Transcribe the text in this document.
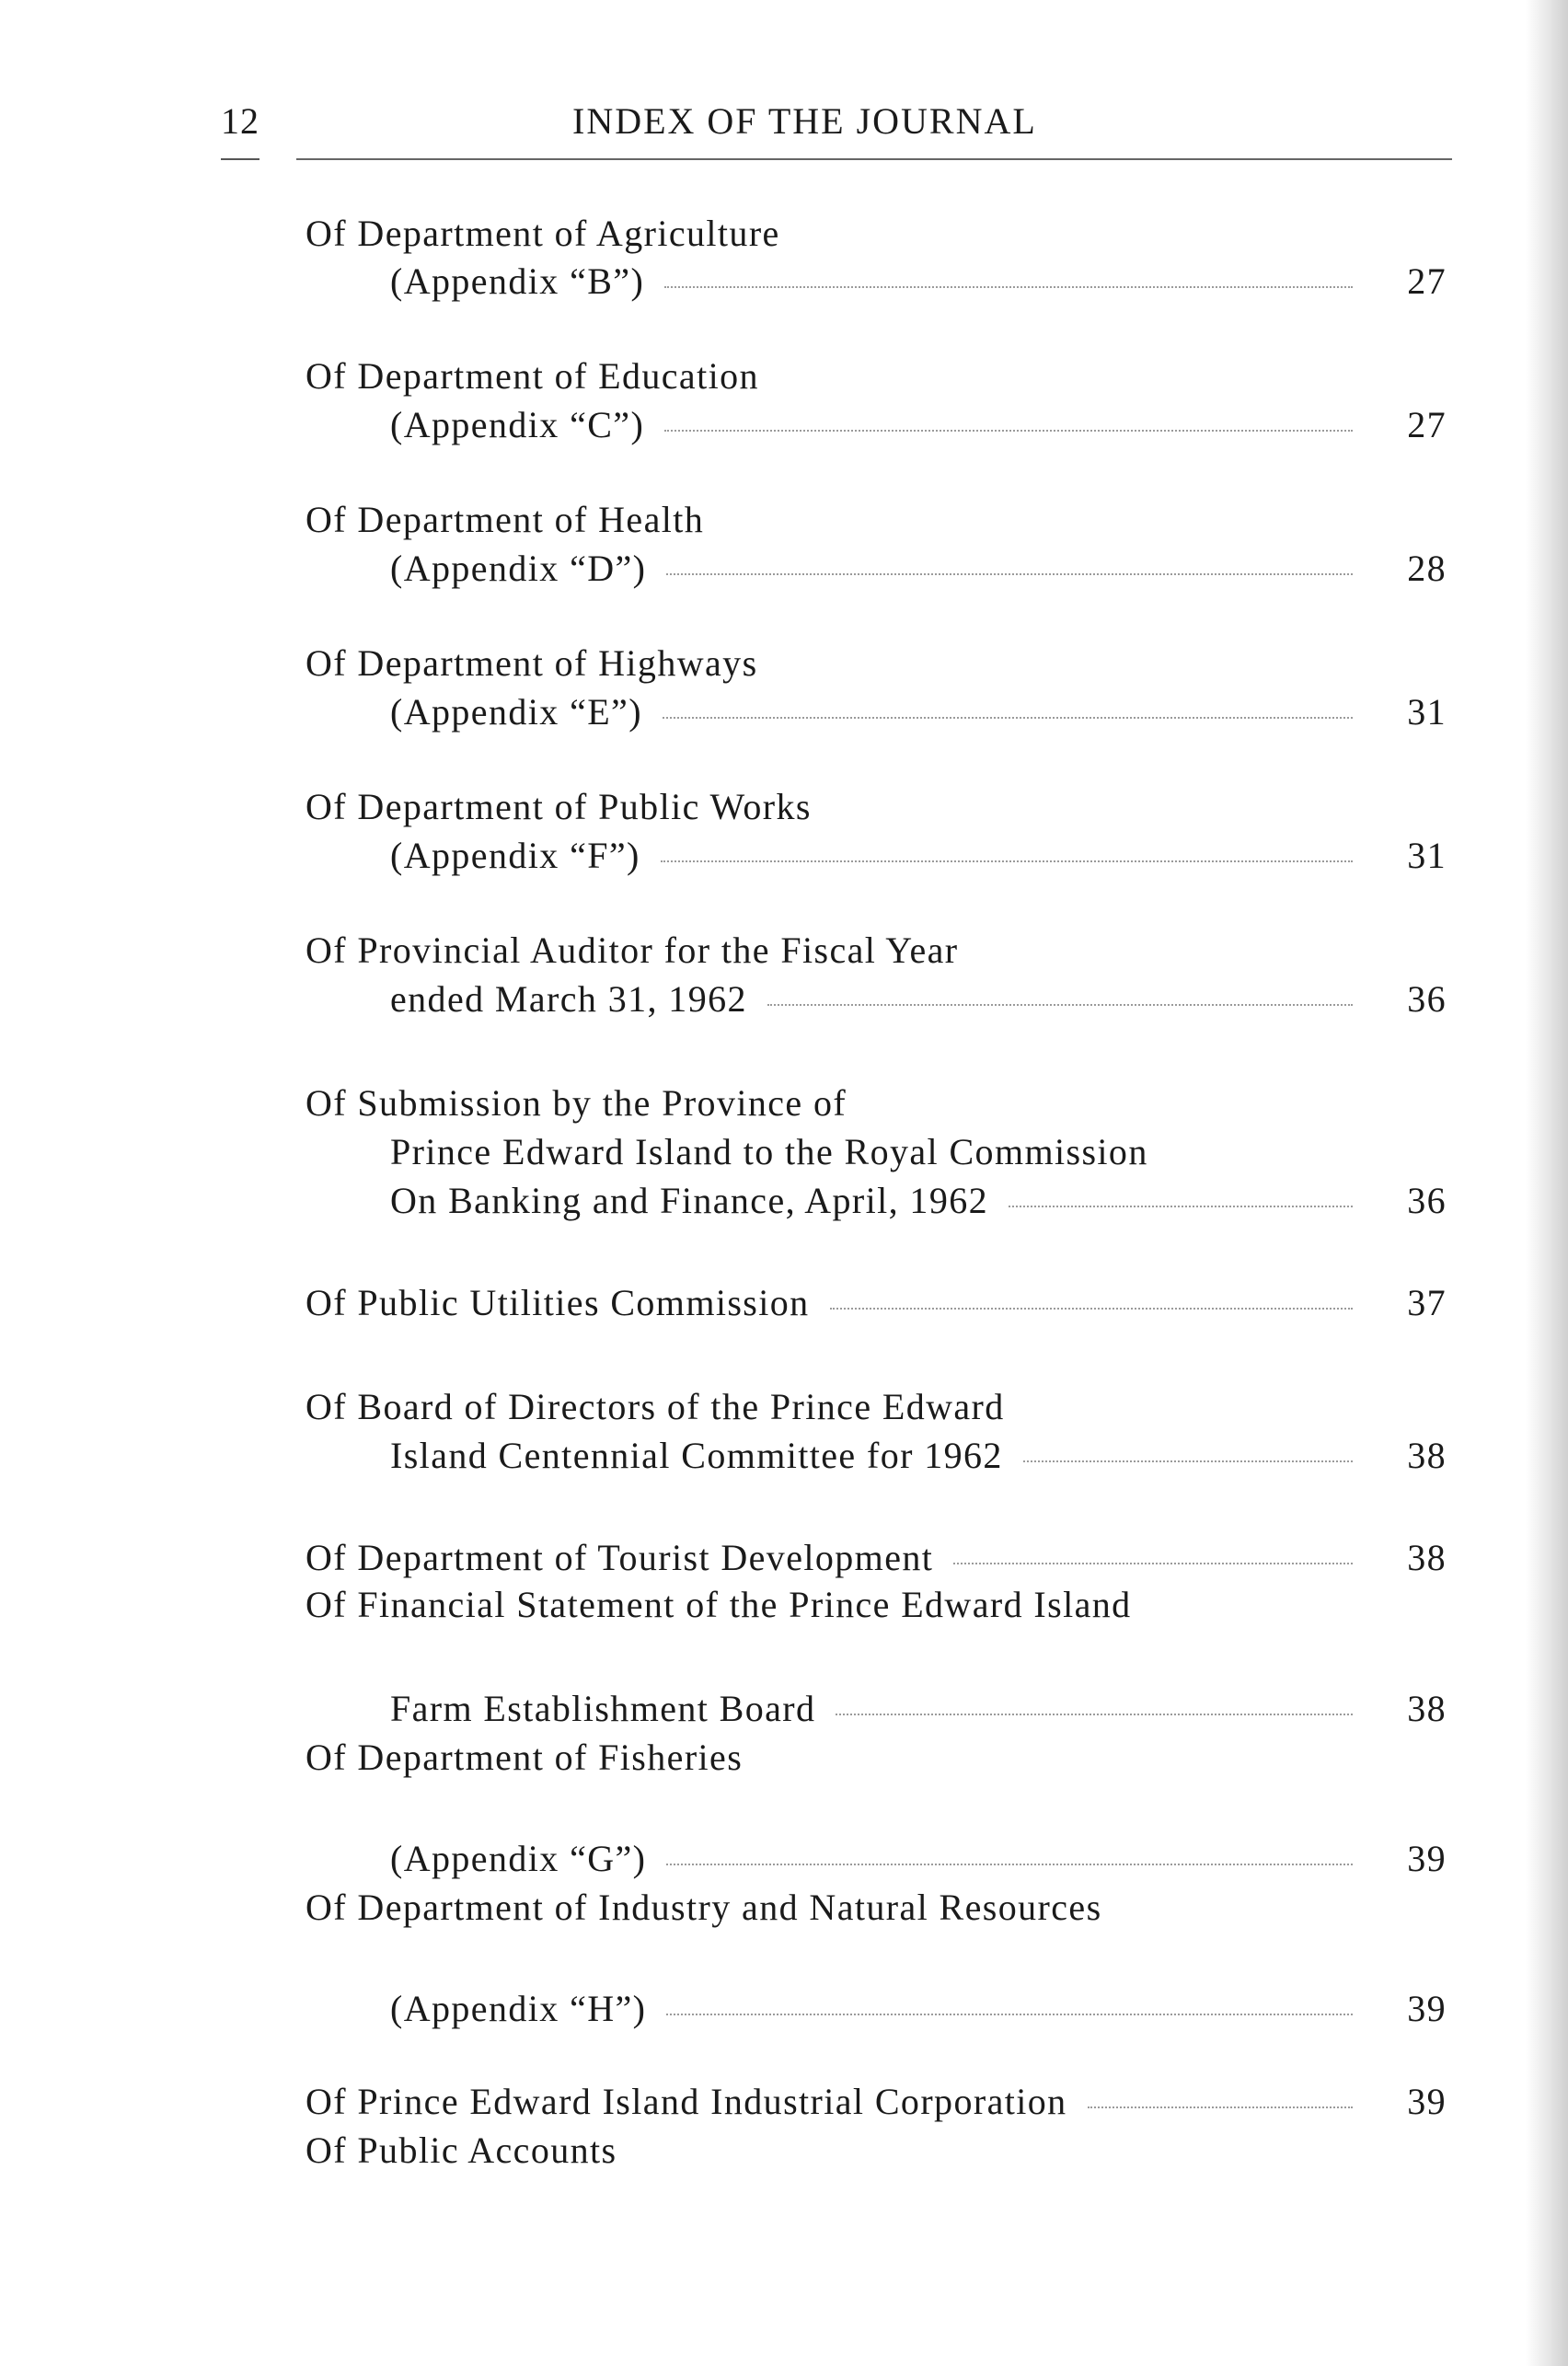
12	INDEX OF THE JOURNAL
Of Department of Agriculture
(Appendix “B”)	27
Of Department of Education
(Appendix “C”)	27
Of Department of Health
(Appendix “D”)	28
Of Department of Highways
(Appendix “E”)	31
Of Department of Public Works
(Appendix “F”)	31
Of Provincial Auditor for the Fiscal Year
ended March 31, 1962	36
Of Submission by the Province of
Prince Edward Island to the Royal Commission
On Banking and Finance, April, 1962	36
Of Public Utilities Commission	37
Of Board of Directors of the Prince Edward
Island Centennial Committee for 1962	38
Of Department of Tourist Development	38
Of Financial Statement of the Prince Edward Island
Farm Establishment Board	38
Of Department of Fisheries
(Appendix “G”)	39
Of Department of Industry and Natural Resources
(Appendix “H”)	39
Of Prince Edward Island Industrial Corporation	39
Of Public Accounts
